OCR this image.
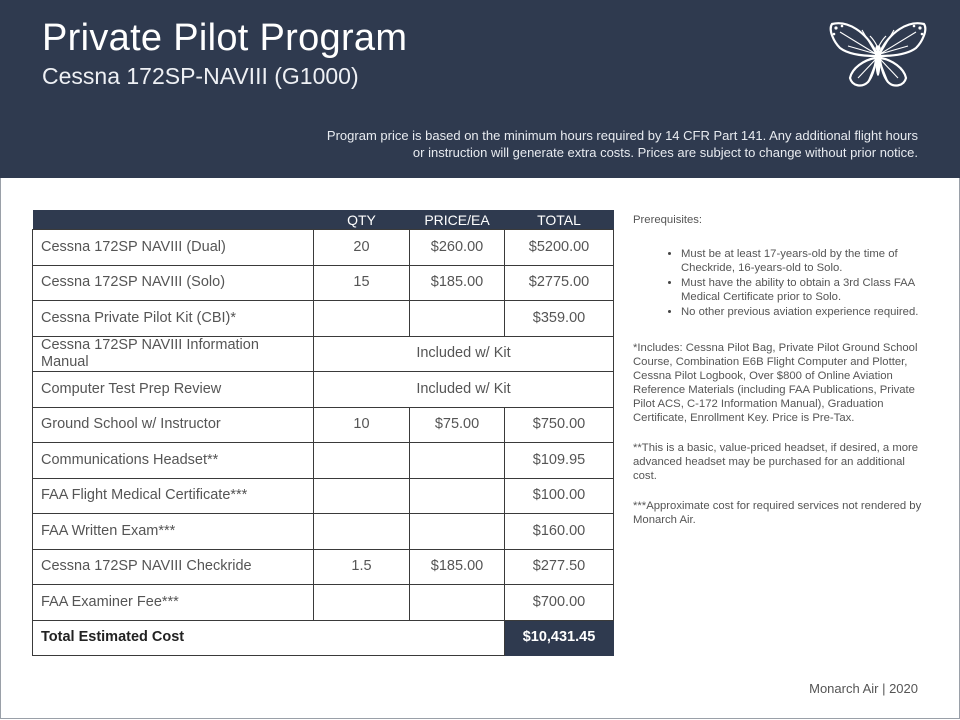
Private Pilot Program
Cessna 172SP-NAVIII (G1000)
Program price is based on the minimum hours required by 14 CFR Part 141. Any additional flight hours
or instruction will generate extra costs. Prices are subject to change without prior notice.
	QTY	PRICE/EA	TOTAL
Cessna 172SP NAVIII (Dual)	20	$260.00	$5200.00
Cessna 172SP NAVIII (Solo)	15	$185.00	$2775.00
Cessna Private Pilot Kit (CBI)*			$359.00
Cessna 172SP NAVIII Information Manual	Included w/ Kit		
Computer Test Prep Review	Included w/ Kit		
Ground School w/ Instructor	10	$75.00	$750.00
Communications Headset**			$109.95
FAA Flight Medical Certificate***			$100.00
FAA Written Exam***			$160.00
Cessna 172SP NAVIII Checkride	1.5	$185.00	$277.50
FAA Examiner Fee***			$700.00
Total Estimated Cost			$10,431.45

Prerequisites:

• Must be at least 17-years-old by the time of Checkride, 16-years-old to Solo.
• Must have the ability to obtain a 3rd Class FAA Medical Certificate prior to Solo.
• No other previous aviation experience required.

*Includes: Cessna Pilot Bag, Private Pilot Ground School Course, Combination E6B Flight Computer and Plotter, Cessna Pilot Logbook, Over $800 of Online Aviation Reference Materials (including FAA Publications, Private Pilot ACS, C-172 Information Manual), Graduation Certificate, Enrollment Key. Price is Pre-Tax.

**This is a basic, value-priced headset, if desired, a more advanced headset may be purchased for an additional cost.

***Approximate cost for required services not rendered by Monarch Air.

Monarch Air | 2020
